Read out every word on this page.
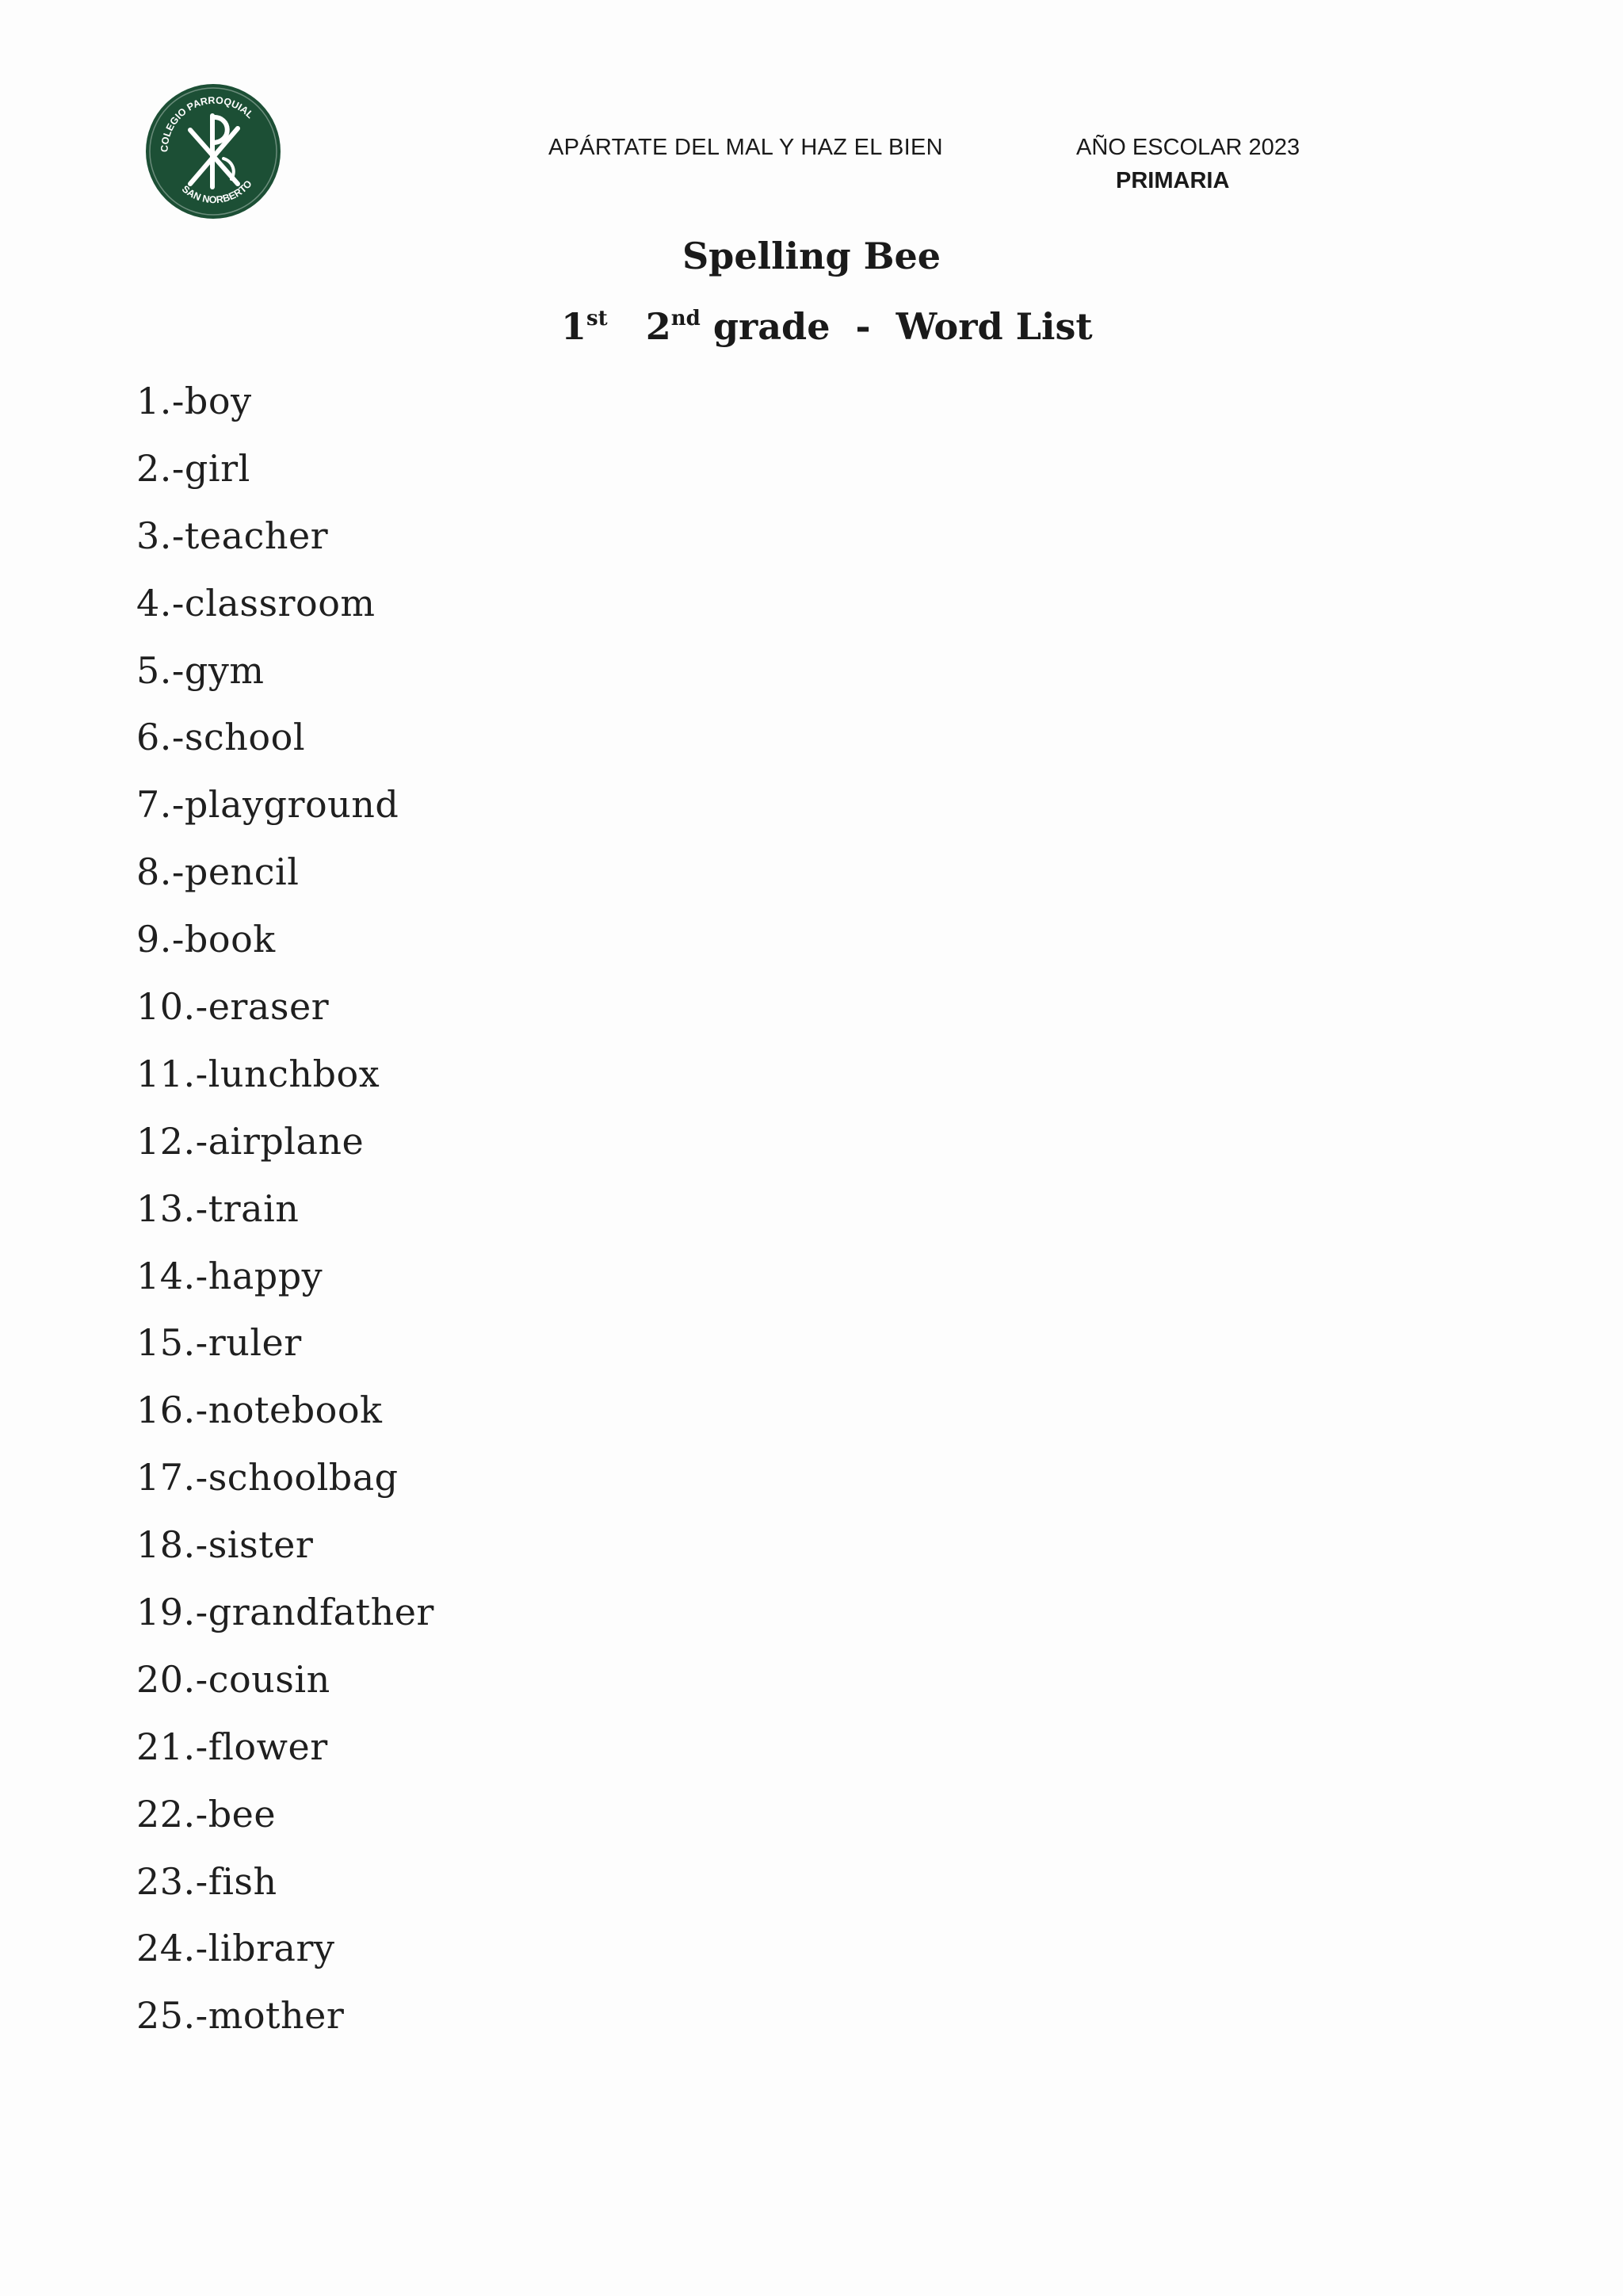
COLEGIO PARROQUIAL
SAN NORBERTO
APÁRTATE DEL MAL Y HAZ EL BIEN	AÑO ESCOLAR 2023
PRIMARIA
Spelling Bee
1st 2nd grade  -  Word List
1.-boy
2.-girl
3.-teacher
4.-classroom
5.-gym
6.-school
7.-playground
8.-pencil
9.-book
10.-eraser
11.-lunchbox
12.-airplane
13.-train
14.-happy
15.-ruler
16.-notebook
17.-schoolbag
18.-sister
19.-grandfather
20.-cousin
21.-flower
22.-bee
23.-fish
24.-library
25.-mother
